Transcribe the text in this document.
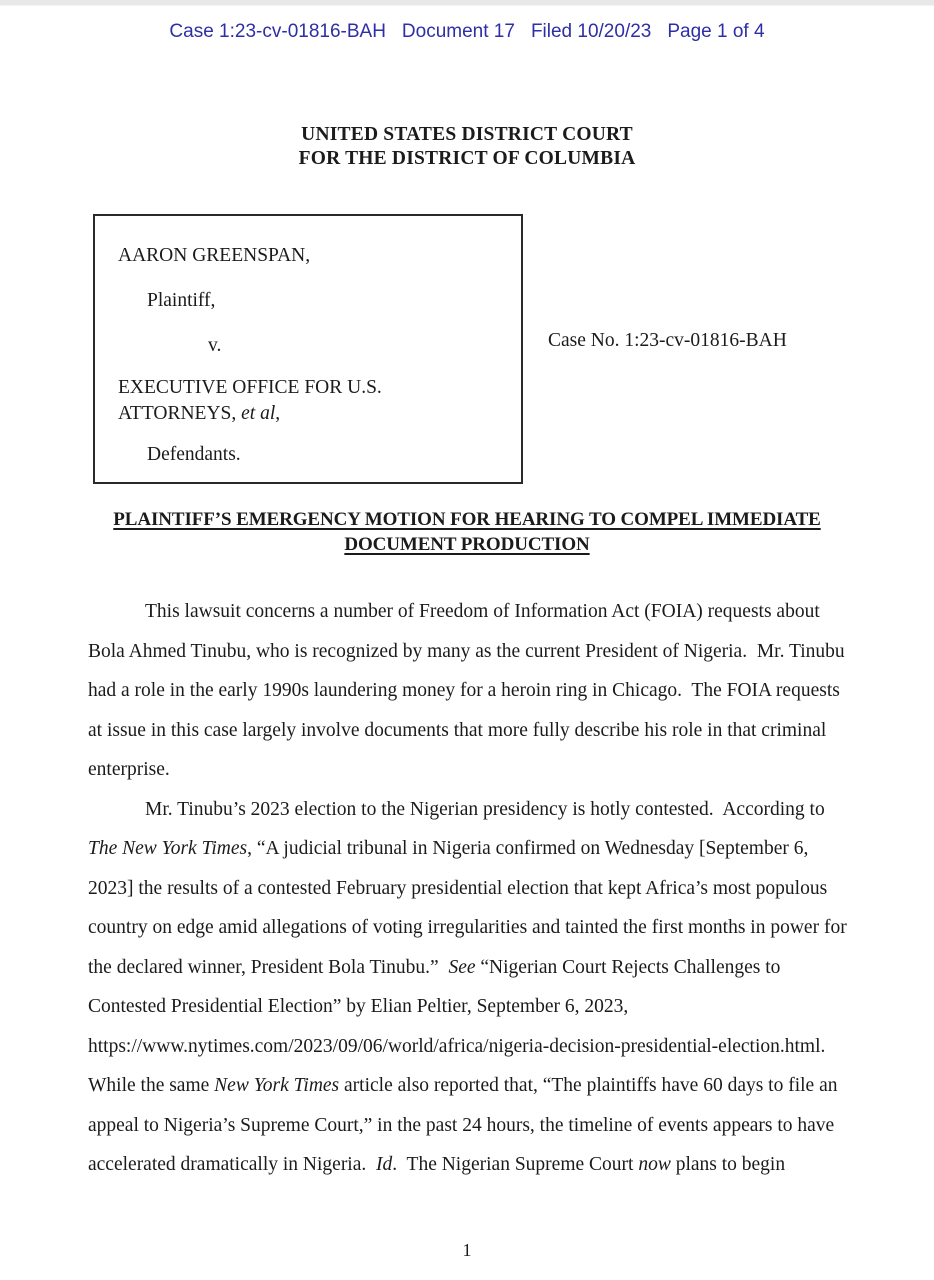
Case 1:23-cv-01816-BAH Document 17 Filed 10/20/23 Page 1 of 4
UNITED STATES DISTRICT COURT
FOR THE DISTRICT OF COLUMBIA
AARON GREENSPAN,
Plaintiff,
v.
EXECUTIVE OFFICE FOR U.S. ATTORNEYS, et al,
Defendants.
Case No. 1:23-cv-01816-BAH
PLAINTIFF’S EMERGENCY MOTION FOR HEARING TO COMPEL IMMEDIATE
DOCUMENT PRODUCTION

This lawsuit concerns a number of Freedom of Information Act (FOIA) requests about Bola Ahmed Tinubu, who is recognized by many as the current President of Nigeria.  Mr. Tinubu had a role in the early 1990s laundering money for a heroin ring in Chicago.  The FOIA requests at issue in this case largely involve documents that more fully describe his role in that criminal enterprise.

Mr. Tinubu’s 2023 election to the Nigerian presidency is hotly contested.  According to The New York Times, “A judicial tribunal in Nigeria confirmed on Wednesday [September 6, 2023] the results of a contested February presidential election that kept Africa’s most populous country on edge amid allegations of voting irregularities and tainted the first months in power for the declared winner, President Bola Tinubu.”  See “Nigerian Court Rejects Challenges to Contested Presidential Election” by Elian Peltier, September 6, 2023, https://www.nytimes.com/2023/09/06/world/africa/nigeria-decision-presidential-election.html.  While the same New York Times article also reported that, “The plaintiffs have 60 days to file an appeal to Nigeria’s Supreme Court,” in the past 24 hours, the timeline of events appears to have accelerated dramatically in Nigeria.  Id.  The Nigerian Supreme Court now plans to begin

1
